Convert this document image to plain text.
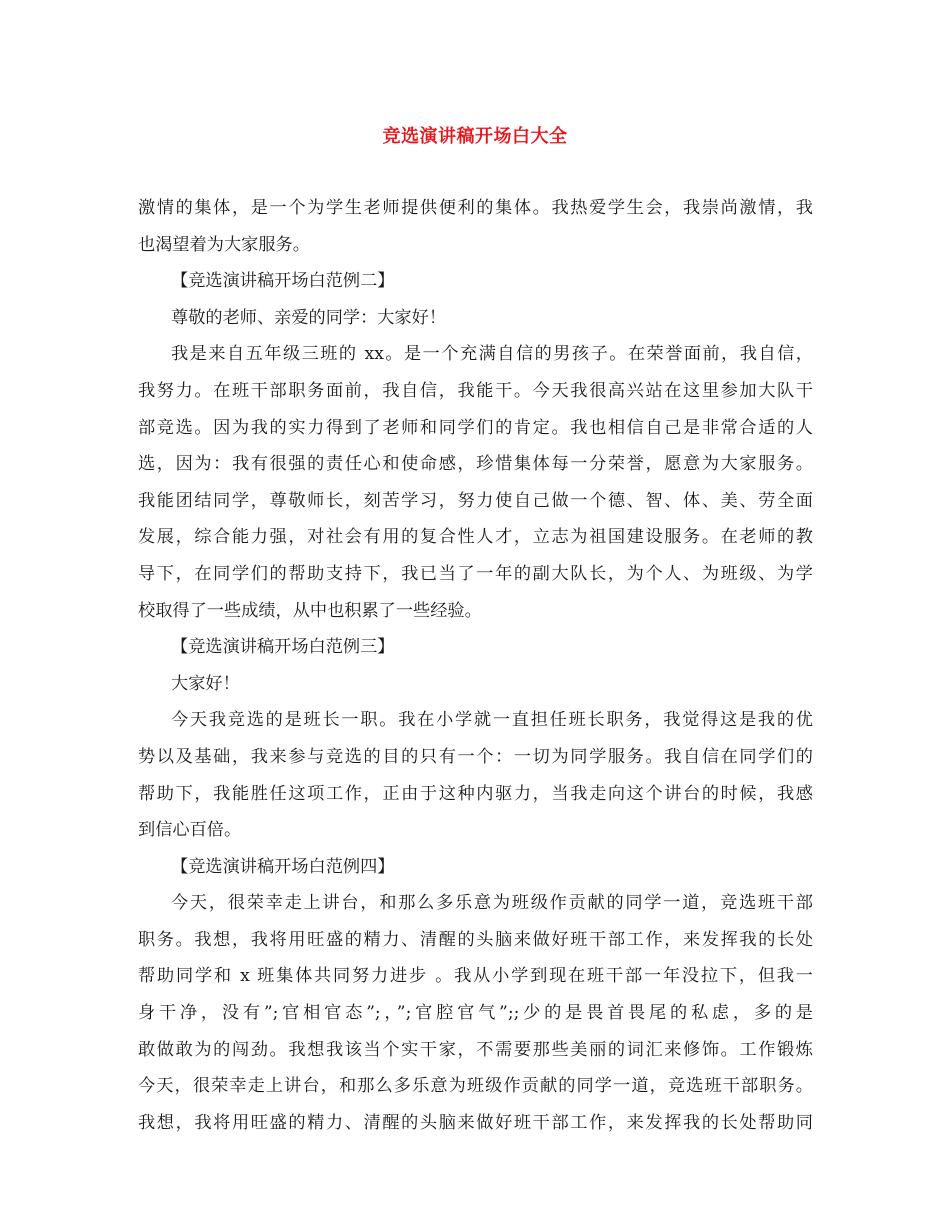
竞选演讲稿开场白大全
激情的集体，是一个为学生老师提供便利的集体。我热爱学生会，我崇尚激情，我
也渴望着为大家服务。
【竞选演讲稿开场白范例二】
尊敬的老师、亲爱的同学：大家好！
我是来自五年级三班的 xx。是一个充满自信的男孩子。在荣誉面前，我自信，
我努力。在班干部职务面前，我自信，我能干。今天我很高兴站在这里参加大队干
部竞选。因为我的实力得到了老师和同学们的肯定。我也相信自己是非常合适的人
选，因为：我有很强的责任心和使命感，珍惜集体每一分荣誉，愿意为大家服务。
我能团结同学，尊敬师长，刻苦学习，努力使自己做一个德、智、体、美、劳全面
发展，综合能力强，对社会有用的复合性人才，立志为祖国建设服务。在老师的教
导下，在同学们的帮助支持下，我已当了一年的副大队长，为个人、为班级、为学
校取得了一些成绩，从中也积累了一些经验。
【竞选演讲稿开场白范例三】
大家好！
今天我竞选的是班长一职。我在小学就一直担任班长职务，我觉得这是我的优
势以及基础，我来参与竞选的目的只有一个：一切为同学服务。我自信在同学们的
帮助下，我能胜任这项工作，正由于这种内驱力，当我走向这个讲台的时候，我感
到信心百倍。
【竞选演讲稿开场白范例四】
今天，很荣幸走上讲台，和那么多乐意为班级作贡献的同学一道，竞选班干部
职务。我想，我将用旺盛的精力、清醒的头脑来做好班干部工作，来发挥我的长处
帮助同学和 x 班集体共同努力进步 。我从小学到现在班干部一年没拉下，但我一
身干净，没有”;官相官态”;，”;官腔官气”;;少的是畏首畏尾的私虑，多的是
敢做敢为的闯劲。我想我该当个实干家，不需要那些美丽的词汇来修饰。工作锻炼
今天，很荣幸走上讲台，和那么多乐意为班级作贡献的同学一道，竞选班干部职务。
我想，我将用旺盛的精力、清醒的头脑来做好班干部工作，来发挥我的长处帮助同
